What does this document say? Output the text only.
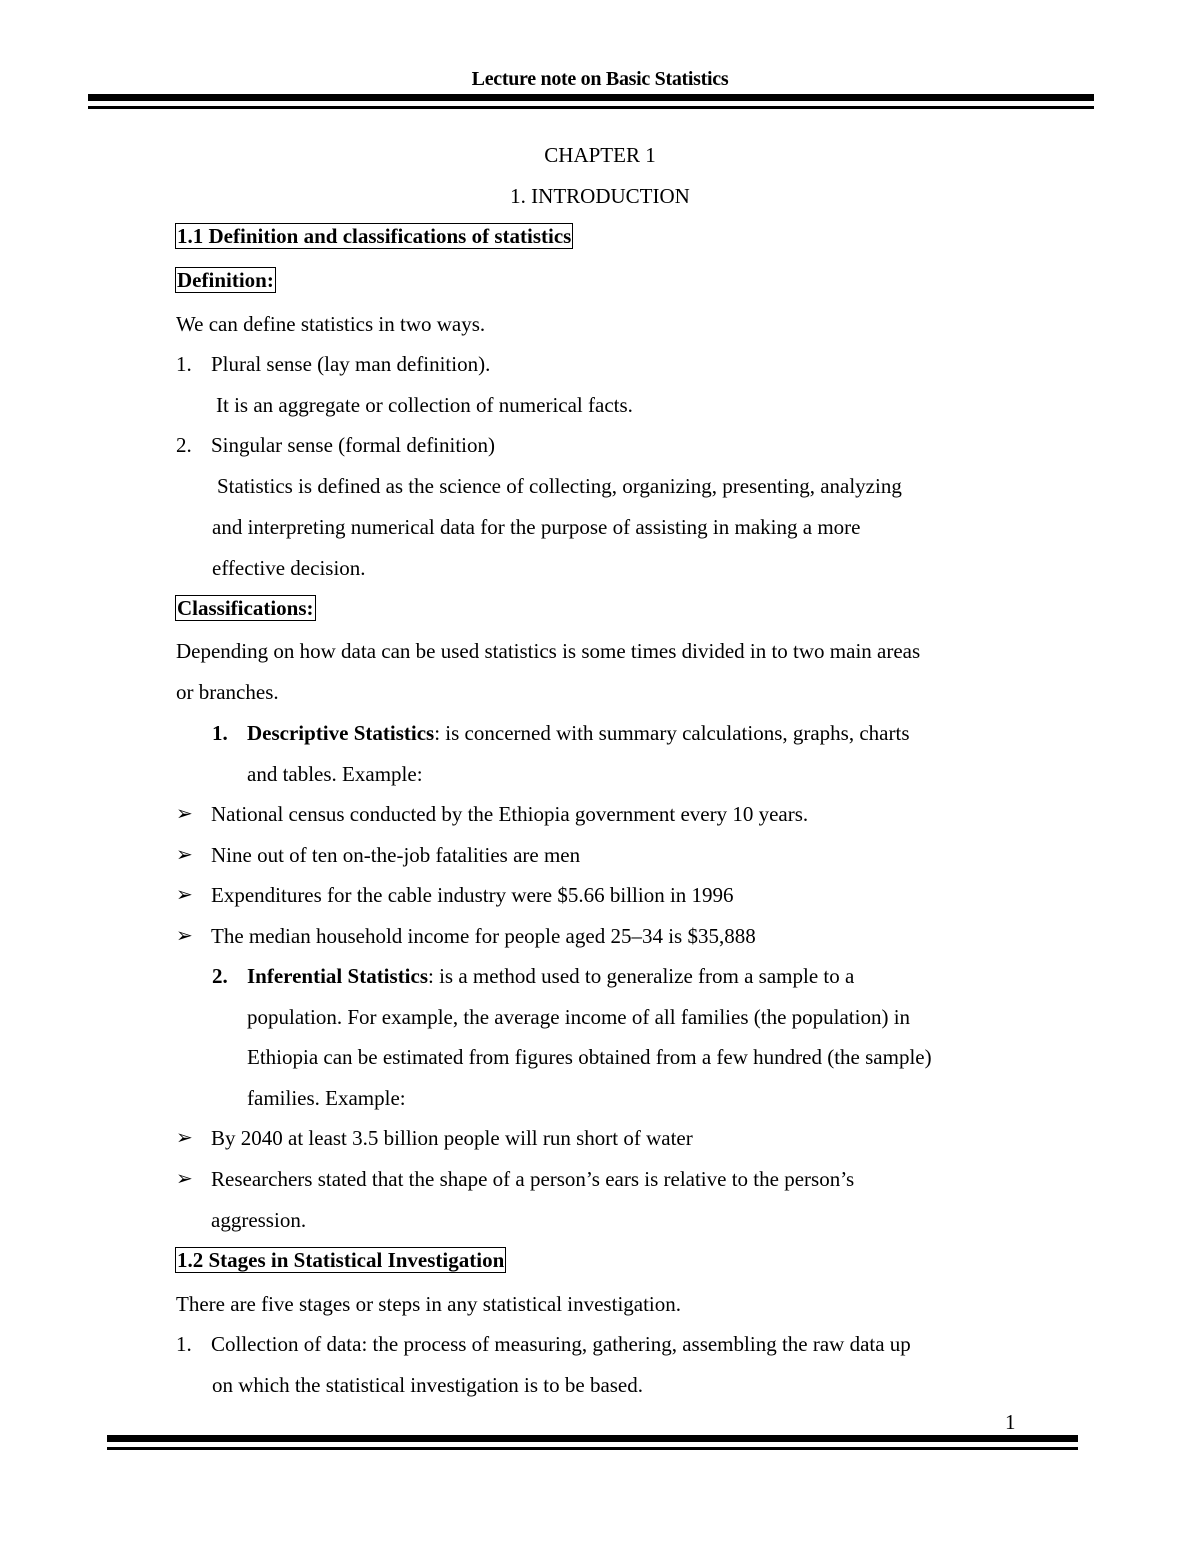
Lecture note on Basic Statistics
CHAPTER 1
1. INTRODUCTION
1.1 Definition and classifications of statistics
Definition:
We can define statistics in two ways.
1. Plural sense (lay man definition).
It is an aggregate or collection of numerical facts.
2. Singular sense (formal definition)
Statistics is defined as the science of collecting, organizing, presenting, analyzing
and interpreting numerical data for the purpose of assisting in making a more
effective decision.
Classifications:
Depending on how data can be used statistics is some times divided in to two main areas
or branches.
1. Descriptive Statistics: is concerned with summary calculations, graphs, charts
and tables. Example:
➢ National census conducted by the Ethiopia government every 10 years.
➢ Nine out of ten on-the-job fatalities are men
➢ Expenditures for the cable industry were $5.66 billion in 1996
➢ The median household income for people aged 25–34 is $35,888
2. Inferential Statistics: is a method used to generalize from a sample to a
population. For example, the average income of all families (the population) in
Ethiopia can be estimated from figures obtained from a few hundred (the sample)
families. Example:
➢ By 2040 at least 3.5 billion people will run short of water
➢ Researchers stated that the shape of a person’s ears is relative to the person’s
aggression.
1.2 Stages in Statistical Investigation
There are five stages or steps in any statistical investigation.
1. Collection of data: the process of measuring, gathering, assembling the raw data up
on which the statistical investigation is to be based.
1
